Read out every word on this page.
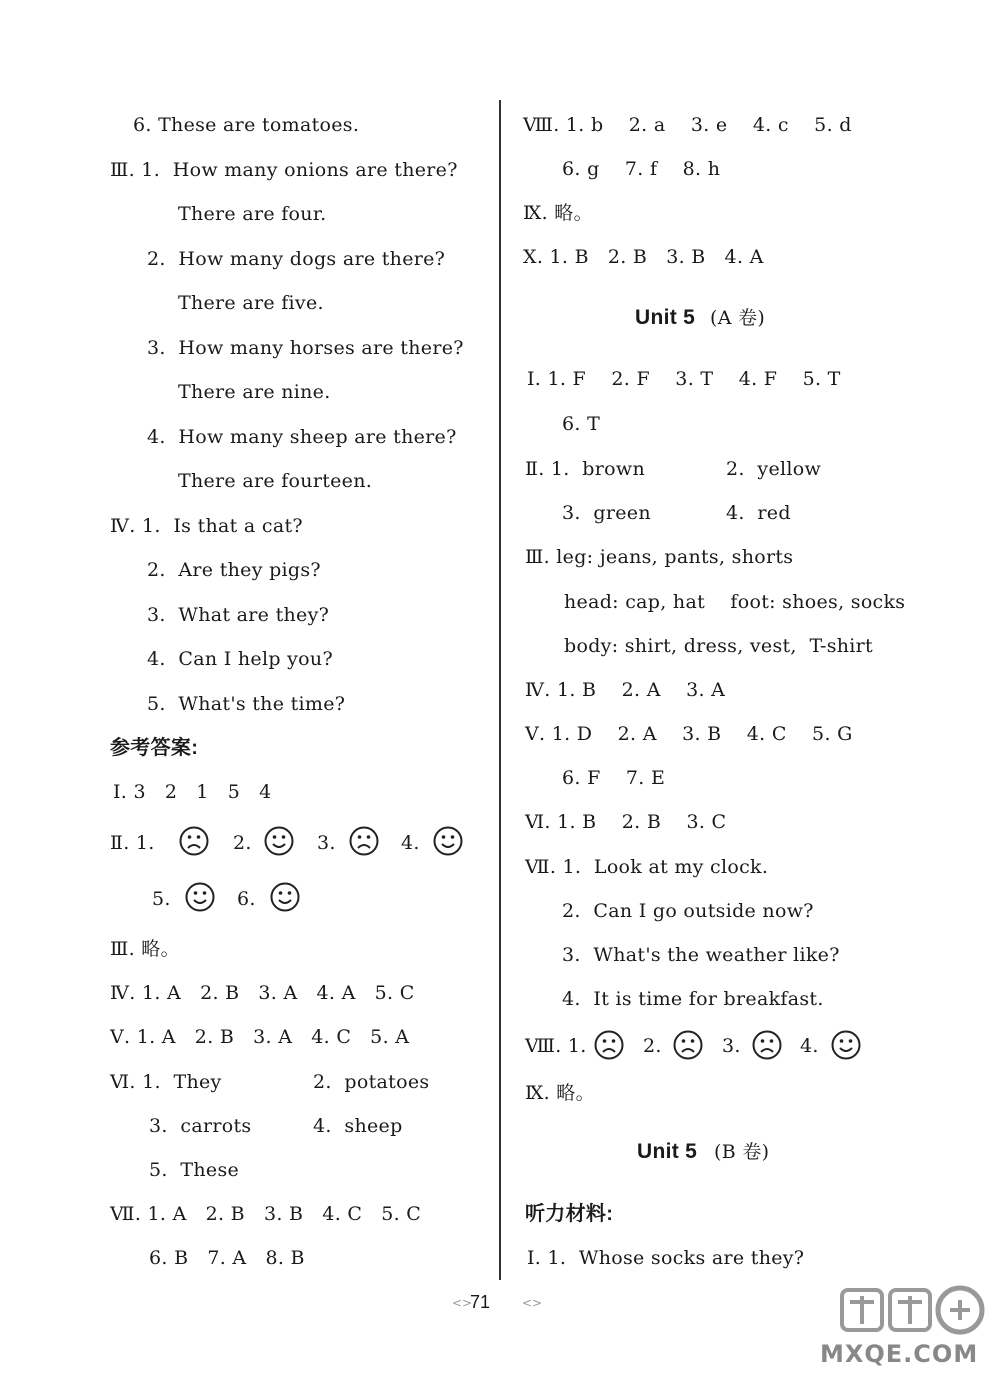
6. These are tomatoes.
Ⅲ. 1.  How many onions are there?
There are four.
2.  How many dogs are there?
There are five.
3.  How many horses are there?
There are nine.
4.  How many sheep are there?
There are fourteen.
Ⅳ. 1.  Is that a cat?
2.  Are they pigs?
3.  What are they?
4.  Can I help you?
5.  What's the time?
参考答案:
Ⅰ. 3   2   1   5   4
Ⅱ. 1.	2.	3.	4.
5.	6.
Ⅲ. 略。
Ⅳ. 1. A   2. B   3. A   4. A   5. C
Ⅴ. 1. A   2. B   3. A   4. C   5. A
Ⅵ. 1.  They	2.  potatoes
3.  carrots	4.  sheep
5.  These
Ⅶ. 1. A   2. B   3. B   4. C   5. C
6. B   7. A   8. B
Ⅷ. 1. b    2. a    3. e    4. c    5. d
6. g    7. f    8. h
Ⅸ. 略。
Ⅹ. 1. B   2. B   3. B   4. A
Unit 5 (A 卷)
Ⅰ. 1. F    2. F    3. T    4. F    5. T
6. T
Ⅱ. 1.  brown	2.  yellow
3.  green	4.  red
Ⅲ. leg: jeans, pants, shorts
head: cap, hat    foot: shoes, socks
body: shirt, dress, vest,  T-shirt
Ⅳ. 1. B    2. A    3. A
Ⅴ. 1. D    2. A    3. B    4. C    5. G
6. F    7. E
Ⅵ. 1. B    2. B    3. C
Ⅶ. 1.  Look at my clock.
2.  Can I go outside now?
3.  What's the weather like?
4.  It is time for breakfast.
Ⅷ. 1.	2.	3.	4.
Ⅸ. 略。
Unit 5 (B 卷)
听力材料:
Ⅰ. 1.  Whose socks are they?
<>
71	<>
MXQE.COM
